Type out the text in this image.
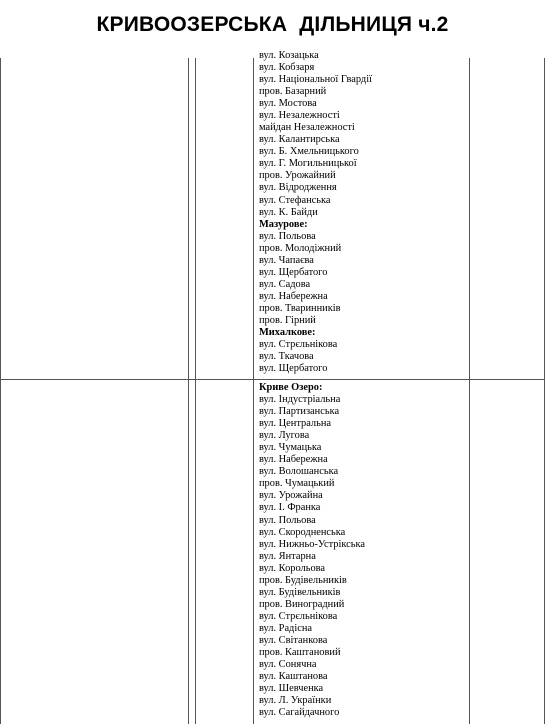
КРИВООЗЕРСЬКА  ДІЛЬНИЦЯ ч.2
вул. Козацька
вул. Кобзаря
вул. Національної Гвардії
пров. Базарний
вул. Мостова
вул. Незалежності
майдан Незалежності
вул. Калантирська
вул. Б. Хмельницького
вул. Г. Могильницької
пров. Урожайний
вул. Відродження
вул. Стефанська
вул. К. Байди
Мазурове:
вул. Польова
пров. Молодіжний
вул. Чапаєва
вул. Щербатого
вул. Садова
вул. Набережна
пров. Тваринників
пров. Гірний
Михалкове:
вул. Стрєльнікова
вул. Ткачова
вул. Щербатого
Криве Озеро:
вул. Індустріальна
вул. Партизанська
вул. Центральна
вул. Лугова
вул. Чумацька
вул. Набережна
вул. Волошанська
пров. Чумацький
вул. Урожайна
вул. І. Франка
вул. Польова
вул. Скородненська
вул. Нижньо-Устрікська
вул. Янтарна
вул. Корольова
пров. Будівельників
вул. Будівельників
пров. Виноградний
вул. Стрєльнікова
вул. Радісна
вул. Світанкова
пров. Каштановий
вул. Сонячна
вул. Каштанова
вул. Шевченка
вул. Л. Українки
вул. Сагайдачного
